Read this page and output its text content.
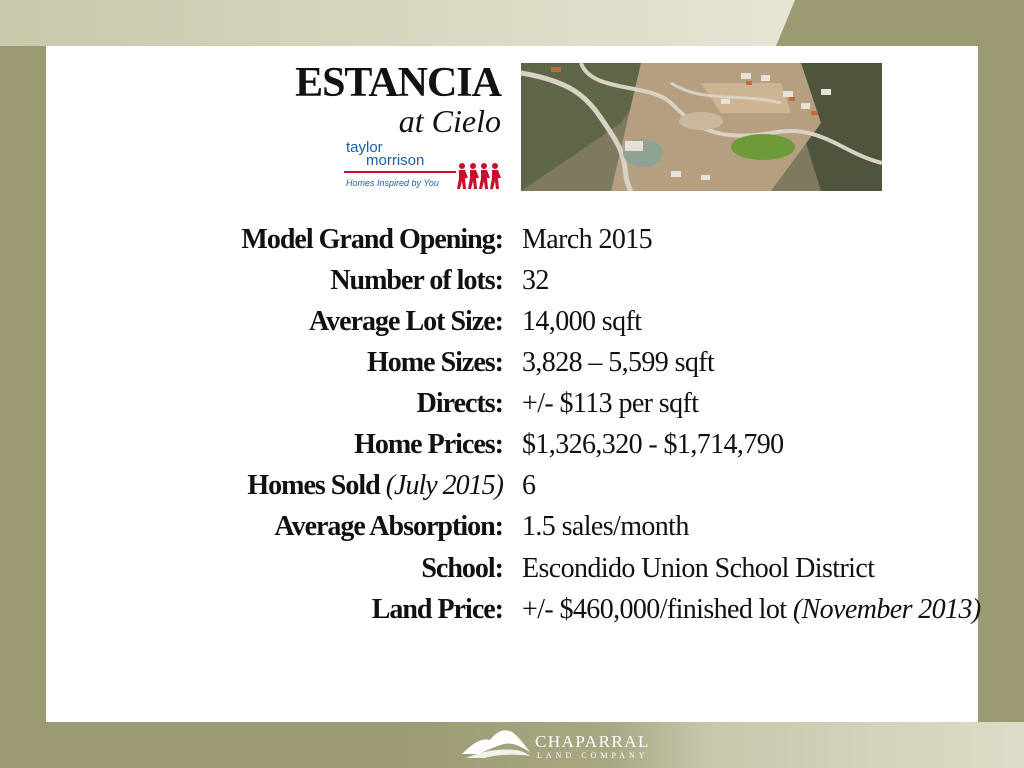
ESTANCIA
at Cielo
taylor
morrison
Homes Inspired by You
Model Grand Opening: March 2015
Number of lots: 32
Average Lot Size: 14,000 sqft
Home Sizes: 3,828 – 5,599 sqft
Directs: +/- $113 per sqft
Home Prices: $1,326,320 - $1,714,790
Homes Sold (July 2015) 6
Average Absorption: 1.5 sales/month
School: Escondido Union School District
Land Price: +/- $460,000/finished lot (November 2013)
CHAPARRAL
LAND COMPANY
